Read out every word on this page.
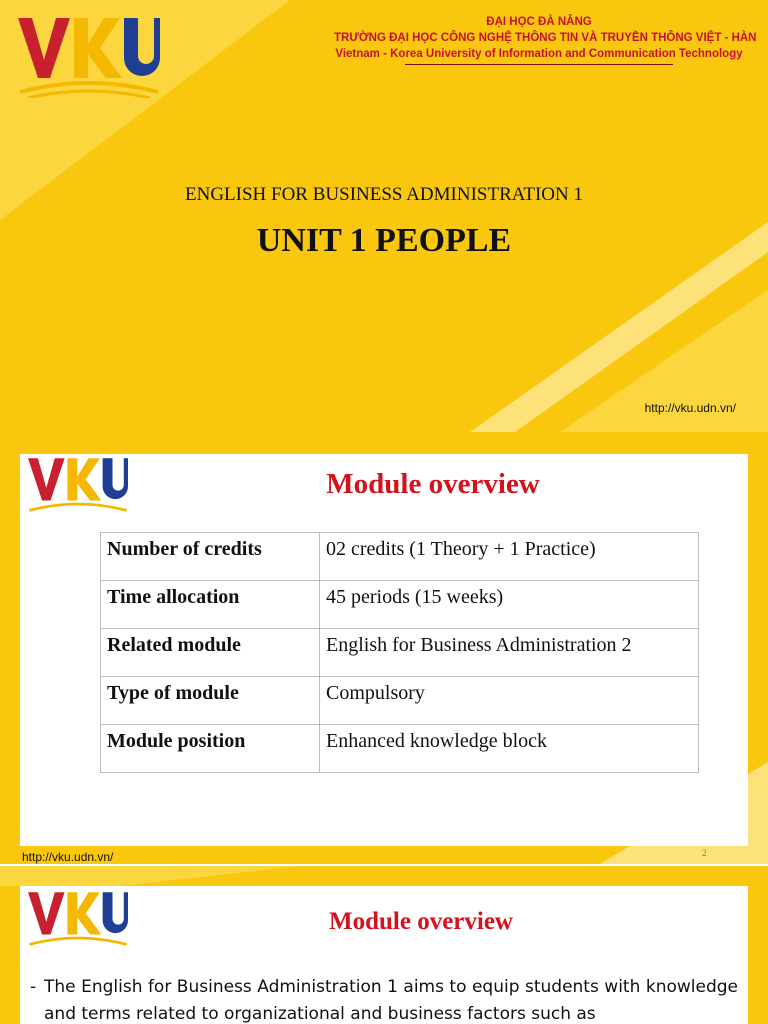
ĐẠI HỌC ĐÀ NẴNG
TRƯỜNG ĐẠI HỌC CÔNG NGHỆ THÔNG TIN VÀ TRUYỀN THÔNG VIỆT - HÀN
Vietnam - Korea University of Information and Communication Technology
ENGLISH FOR BUSINESS ADMINISTRATION 1
UNIT 1 PEOPLE
http://vku.udn.vn/
Module overview
Number of credits	02 credits (1 Theory + 1 Practice)
Time allocation	45 periods (15 weeks)
Related module	English for Business Administration 2
Type of module	Compulsory
Module position	Enhanced knowledge block
http://vku.udn.vn/	2
Module overview
- The English for Business Administration 1 aims to equip students with knowledge and terms related to organizational and business factors such as
